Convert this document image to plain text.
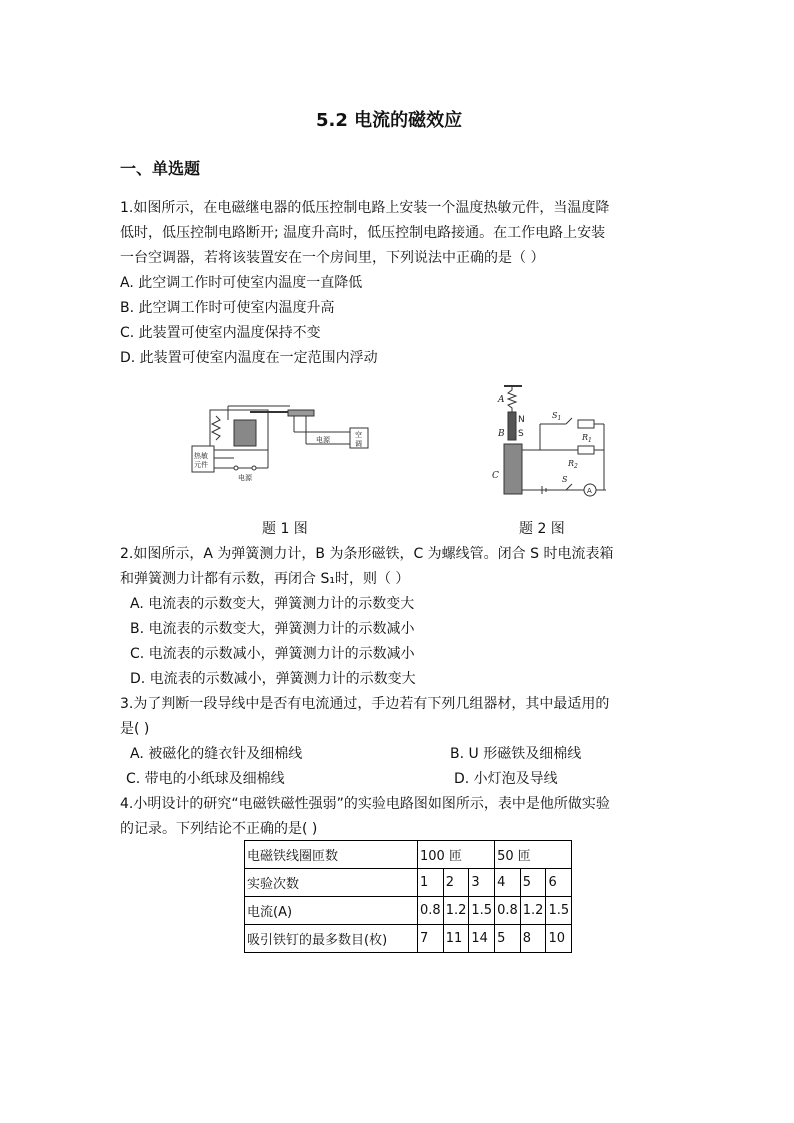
5.2 电流的磁效应
一、单选题
1.如图所示，在电磁继电器的低压控制电路上安装一个温度热敏元件，当温度降
低时，低压控制电路断开; 温度升高时，低压控制电路接通。在工作电路上安装
一台空调器，若将该装置安在一个房间里，下列说法中正确的是（ ）
A. 此空调工作时可使室内温度一直降低
B. 此空调工作时可使室内温度升高
C. 此装置可使室内温度保持不变
D. 此装置可使室内温度在一定范围内浮动
热敏
元件
电源
电源
空
调
A
N
B S
C
$S_1$
$R_1$
$R_2$
S
A
题 1 图	题 2 图
2.如图所示，A 为弹簧测力计，B 为条形磁铁，C 为螺线管。闭合 S 时电流表箱
和弹簧测力计都有示数，再闭合 S₁时，则（ ）
A. 电流表的示数变大，弹簧测力计的示数变大
B. 电流表的示数变大，弹簧测力计的示数减小
C. 电流表的示数减小，弹簧测力计的示数减小
D. 电流表的示数减小，弹簧测力计的示数变大
3.为了判断一段导线中是否有电流通过，手边若有下列几组器材，其中最适用的
是( )
A. 被磁化的缝衣针及细棉线	B. U 形磁铁及细棉线
C. 带电的小纸球及细棉线	D. 小灯泡及导线
4.小明设计的研究“电磁铁磁性强弱”的实验电路图如图所示，表中是他所做实验
的记录。下列结论不正确的是( )
电磁铁线圈匝数	100 匝			50 匝		
实验次数	1	2	3	4	5	6
电流(A)	0.8	1.2	1.5	0.8	1.2	1.5
吸引铁钉的最多数目(枚)	7	11	14	5	8	10
